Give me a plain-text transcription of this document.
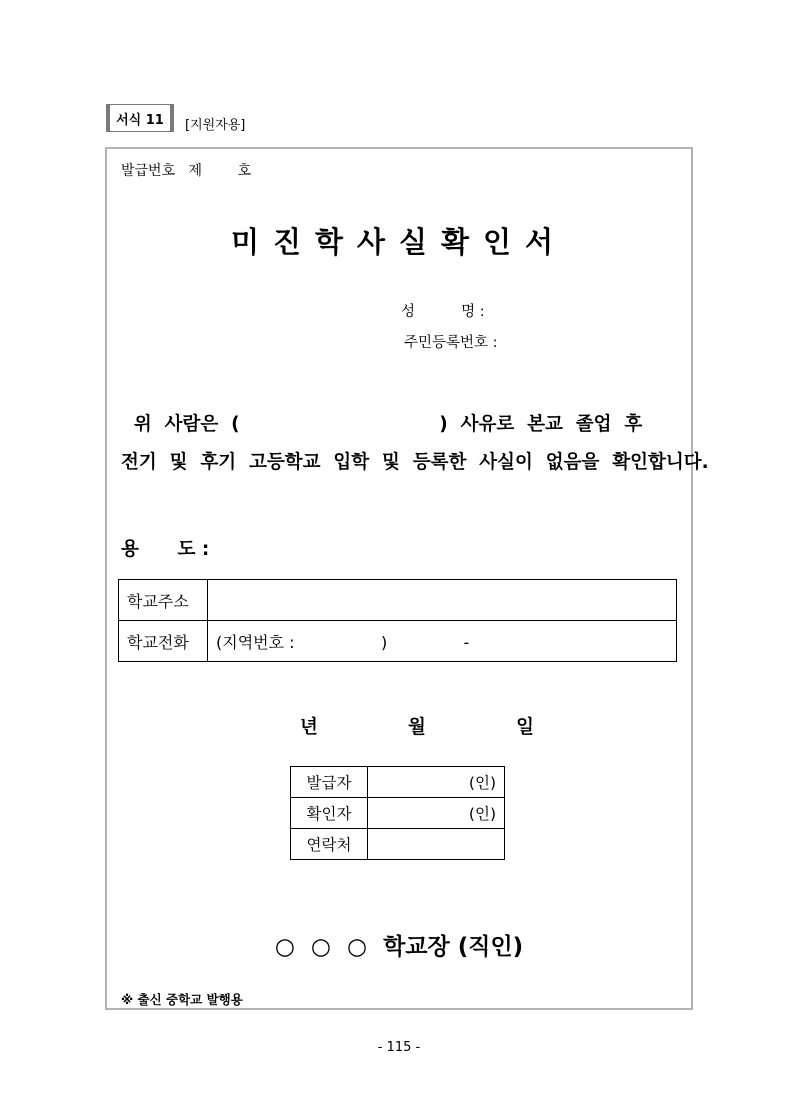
서식 11 [지원자용]
발급번호   제        호
미진학사실확인서
성          명 :
주민등록번호 :
위  사람은  (                               )  사유로  본교  졸업  후
전기  및  후기  고등학교  입학  및  등록한  사실이  없음을  확인합니다.
용      도 :
학교주소	
학교전화	(지역번호 :                 )               -
년              월              일
발급자	(인)
확인자	(인)
연락처	
○  ○  ○  학교장 (직인)
※ 출신 중학교 발행용
- 115 -
